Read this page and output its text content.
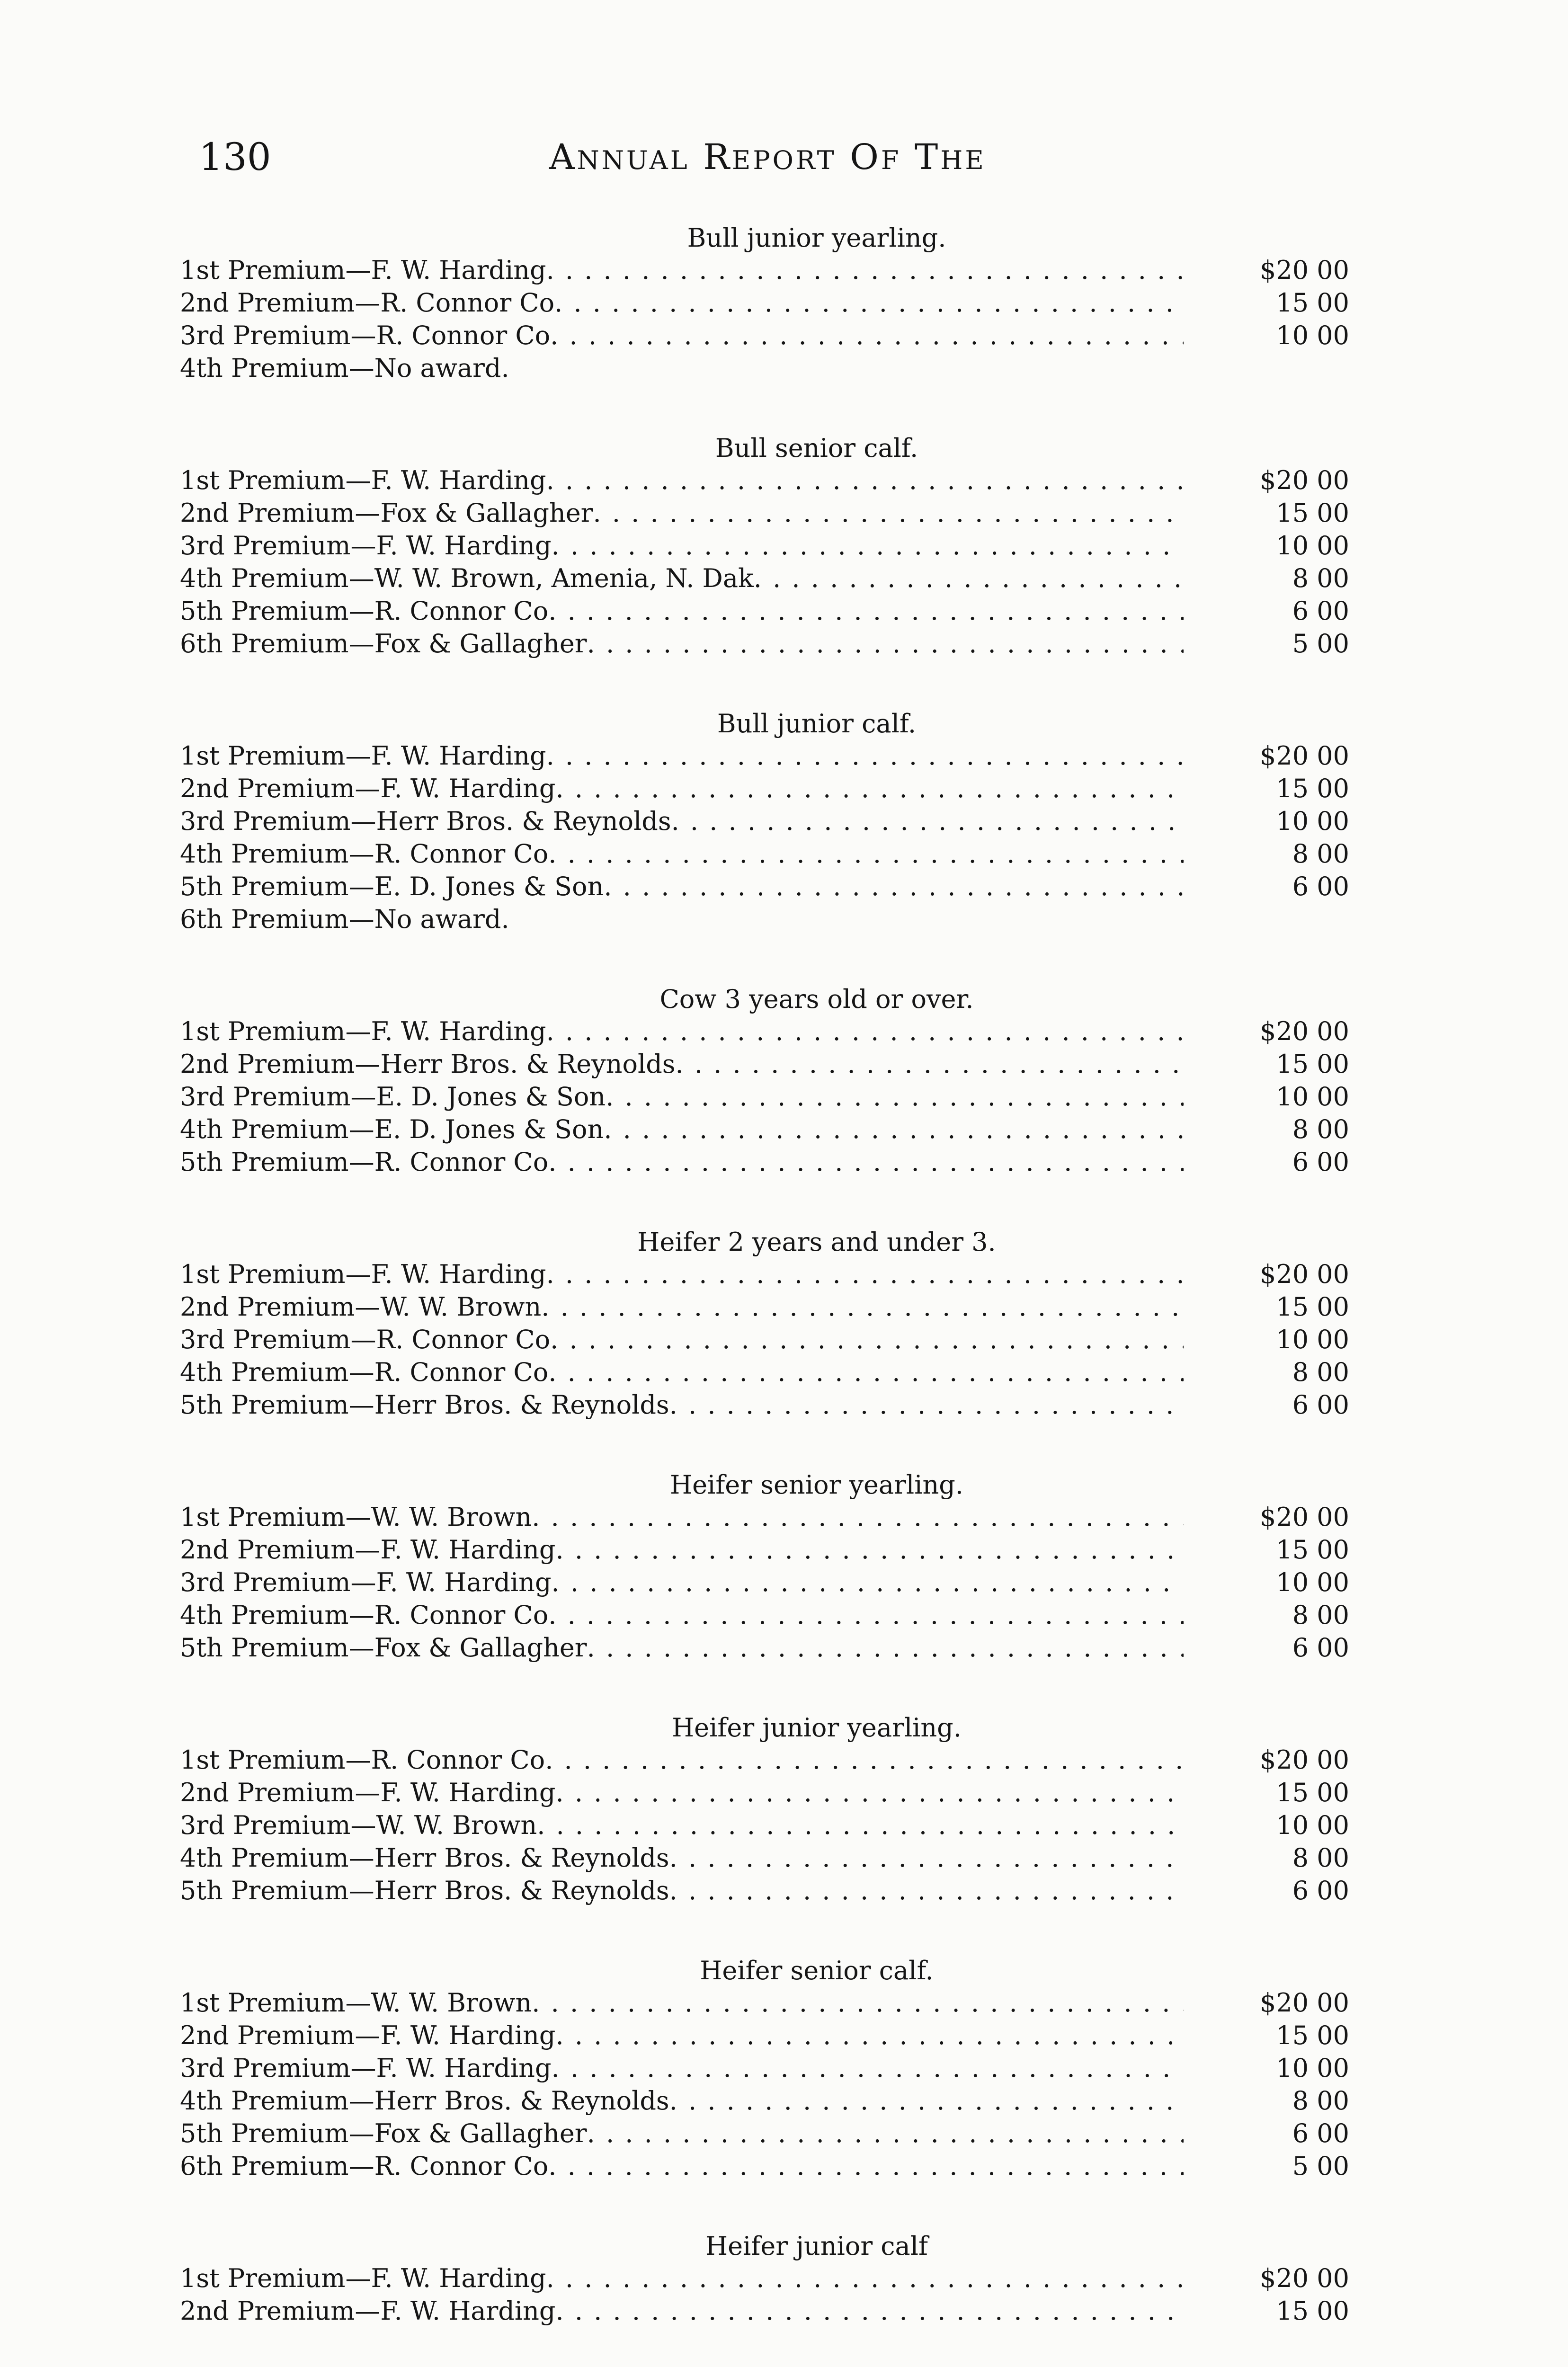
130	ANNUAL REPORT OF THE
Bull junior yearling.
1st Premium—F. W. Harding . . .	$20 00
2nd Premium—R. Connor Co . . .	15 00
3rd Premium—R. Connor Co . . .	10 00
4th Premium—No award.
Bull senior calf.
1st Premium—F. W. Harding . . .	$20 00
2nd Premium—Fox & Gallagher . . .	15 00
3rd Premium—F. W. Harding . . .	10 00
4th Premium—W. W. Brown, Amenia, N. Dak . . .	8 00
5th Premium—R. Connor Co . . .	6 00
6th Premium—Fox & Gallagher . . .	5 00
Bull junior calf.
1st Premium—F. W. Harding . . .	$20 00
2nd Premium—F. W. Harding . . .	15 00
3rd Premium—Herr Bros. & Reynolds . . .	10 00
4th Premium—R. Connor Co . . .	8 00
5th Premium—E. D. Jones & Son . . .	6 00
6th Premium—No award.
Cow 3 years old or over.
1st Premium—F. W. Harding . . .	$20 00
2nd Premium—Herr Bros. & Reynolds . . .	15 00
3rd Premium—E. D. Jones & Son . . .	10 00
4th Premium—E. D. Jones & Son . . .	8 00
5th Premium—R. Connor Co . . .	6 00
Heifer 2 years and under 3.
1st Premium—F. W. Harding . . .	$20 00
2nd Premium—W. W. Brown . . .	15 00
3rd Premium—R. Connor Co . . .	10 00
4th Premium—R. Connor Co . . .	8 00
5th Premium—Herr Bros. & Reynolds . . .	6 00
Heifer senior yearling.
1st Premium—W. W. Brown . . .	$20 00
2nd Premium—F. W. Harding . . .	15 00
3rd Premium—F. W. Harding . . .	10 00
4th Premium—R. Connor Co . . .	8 00
5th Premium—Fox & Gallagher . . .	6 00
Heifer junior yearling.
1st Premium—R. Connor Co . . .	$20 00
2nd Premium—F. W. Harding . . .	15 00
3rd Premium—W. W. Brown . . .	10 00
4th Premium—Herr Bros. & Reynolds . . .	8 00
5th Premium—Herr Bros. & Reynolds . . .	6 00
Heifer senior calf.
1st Premium—W. W. Brown . . .	$20 00
2nd Premium—F. W. Harding . . .	15 00
3rd Premium—F. W. Harding . . .	10 00
4th Premium—Herr Bros. & Reynolds . . .	8 00
5th Premium—Fox & Gallagher . . .	6 00
6th Premium—R. Connor Co . . .	5 00
Heifer junior calf
1st Premium—F. W. Harding . . .	$20 00
2nd Premium—F. W. Harding . . .	15 00
